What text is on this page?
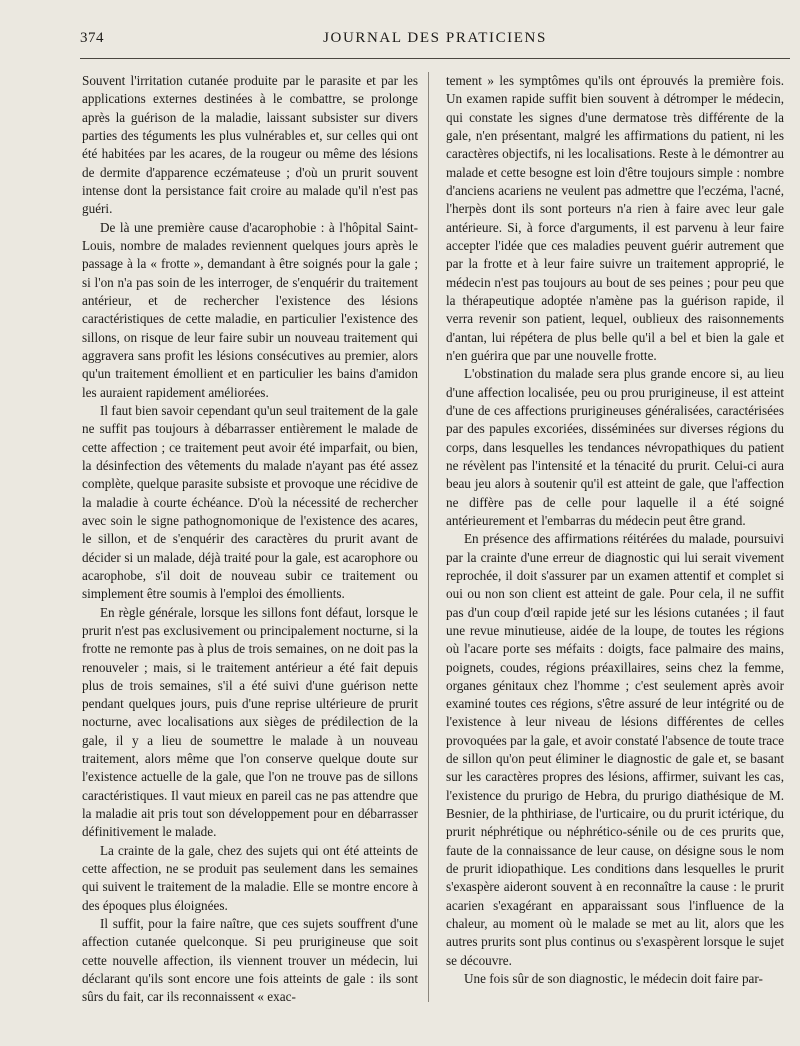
374	JOURNAL DES PRATICIENS

Souvent l'irritation cutanée produite par le parasite et par les applications externes destinées à le combattre, se prolonge après la guérison de la maladie, laissant subsister sur divers parties des téguments les plus vulnérables et, sur celles qui ont été habitées par les acares, de la rougeur ou même des lésions de dermite d'apparence eczémateuse ; d'où un prurit souvent intense dont la persistance fait croire au malade qu'il n'est pas guéri.

De là une première cause d'acarophobie : à l'hôpital Saint-Louis, nombre de malades reviennent quelques jours après le passage à la « frotte », demandant à être soignés pour la gale ; si l'on n'a pas soin de les interroger, de s'enquérir du traitement antérieur, et de rechercher l'existence des lésions caractéristiques de cette maladie, en particulier l'existence des sillons, on risque de leur faire subir un nouveau traitement qui aggravera sans profit les lésions consécutives au premier, alors qu'un traitement émollient et en particulier les bains d'amidon les auraient rapidement améliorées.

Il faut bien savoir cependant qu'un seul traitement de la gale ne suffit pas toujours à débarrasser entièrement le malade de cette affection ; ce traitement peut avoir été imparfait, ou bien, la désinfection des vêtements du malade n'ayant pas été assez complète, quelque parasite subsiste et provoque une récidive de la maladie à courte échéance. D'où la nécessité de rechercher avec soin le signe pathognomonique de l'existence des acares, le sillon, et de s'enquérir des caractères du prurit avant de décider si un malade, déjà traité pour la gale, est acarophore ou acarophobe, s'il doit de nouveau subir ce traitement ou simplement être soumis à l'emploi des émollients.

En règle générale, lorsque les sillons font défaut, lorsque le prurit n'est pas exclusivement ou principalement nocturne, si la frotte ne remonte pas à plus de trois semaines, on ne doit pas la renouveler ; mais, si le traitement antérieur a été fait depuis plus de trois semaines, s'il a été suivi d'une guérison nette pendant quelques jours, puis d'une reprise ultérieure de prurit nocturne, avec localisations aux sièges de prédilection de la gale, il y a lieu de soumettre le malade à un nouveau traitement, alors même que l'on conserve quelque doute sur l'existence actuelle de la gale, que l'on ne trouve pas de sillons caractéristiques. Il vaut mieux en pareil cas ne pas attendre que la maladie ait pris tout son développement pour en débarrasser définitivement le malade.

La crainte de la gale, chez des sujets qui ont été atteints de cette affection, ne se produit pas seulement dans les semaines qui suivent le traitement de la maladie. Elle se montre encore à des époques plus éloignées.

Il suffit, pour la faire naître, que ces sujets souffrent d'une affection cutanée quelconque. Si peu prurigineuse que soit cette nouvelle affection, ils viennent trouver un médecin, lui déclarant qu'ils sont encore une fois atteints de gale : ils sont sûrs du fait, car ils reconnaissent « exac-

tement » les symptômes qu'ils ont éprouvés la première fois. Un examen rapide suffit bien souvent à détromper le médecin, qui constate les signes d'une dermatose très différente de la gale, n'en présentant, malgré les affirmations du patient, ni les caractères objectifs, ni les localisations. Reste à le démontrer au malade et cette besogne est loin d'être toujours simple : nombre d'anciens acariens ne veulent pas admettre que l'eczéma, l'acné, l'herpès dont ils sont porteurs n'a rien à faire avec leur gale antérieure. Si, à force d'arguments, il est parvenu à leur faire accepter l'idée que ces maladies peuvent guérir autrement que par la frotte et à leur faire suivre un traitement approprié, le médecin n'est pas toujours au bout de ses peines ; pour peu que la thérapeutique adoptée n'amène pas la guérison rapide, il verra revenir son patient, lequel, oublieux des raisonnements d'antan, lui répétera de plus belle qu'il a bel et bien la gale et n'en guérira que par une nouvelle frotte.

L'obstination du malade sera plus grande encore si, au lieu d'une affection localisée, peu ou prou prurigineuse, il est atteint d'une de ces affections prurigineuses généralisées, caractérisées par des papules excoriées, disséminées sur diverses régions du corps, dans lesquelles les tendances névropathiques du patient ne révèlent pas l'intensité et la ténacité du prurit. Celui-ci aura beau jeu alors à soutenir qu'il est atteint de gale, que l'affection ne diffère pas de celle pour laquelle il a été soigné antérieurement et l'embarras du médecin peut être grand.

En présence des affirmations réitérées du malade, poursuivi par la crainte d'une erreur de diagnostic qui lui serait vivement reprochée, il doit s'assurer par un examen attentif et complet si oui ou non son client est atteint de gale. Pour cela, il ne suffit pas d'un coup d'œil rapide jeté sur les lésions cutanées ; il faut une revue minutieuse, aidée de la loupe, de toutes les régions où l'acare porte ses méfaits : doigts, face palmaire des mains, poignets, coudes, régions préaxillaires, seins chez la femme, organes génitaux chez l'homme ; c'est seulement après avoir examiné toutes ces régions, s'être assuré de leur intégrité ou de l'existence à leur niveau de lésions différentes de celles provoquées par la gale, et avoir constaté l'absence de toute trace de sillon qu'on peut éliminer le diagnostic de gale et, se basant sur les caractères propres des lésions, affirmer, suivant les cas, l'existence du prurigo de Hebra, du prurigo diathésique de M. Besnier, de la phthiriase, de l'urticaire, ou du prurit ictérique, du prurit néphrétique ou néphrético-sénile ou de ces prurits que, faute de la connaissance de leur cause, on désigne sous le nom de prurit idiopathique. Les conditions dans lesquelles le prurit s'exaspère aideront souvent à en reconnaître la cause : le prurit acarien s'exagérant en apparaissant sous l'influence de la chaleur, au moment où le malade se met au lit, alors que les autres prurits sont plus continus ou s'exaspèrent lorsque le sujet se découvre.

Une fois sûr de son diagnostic, le médecin doit faire par-
